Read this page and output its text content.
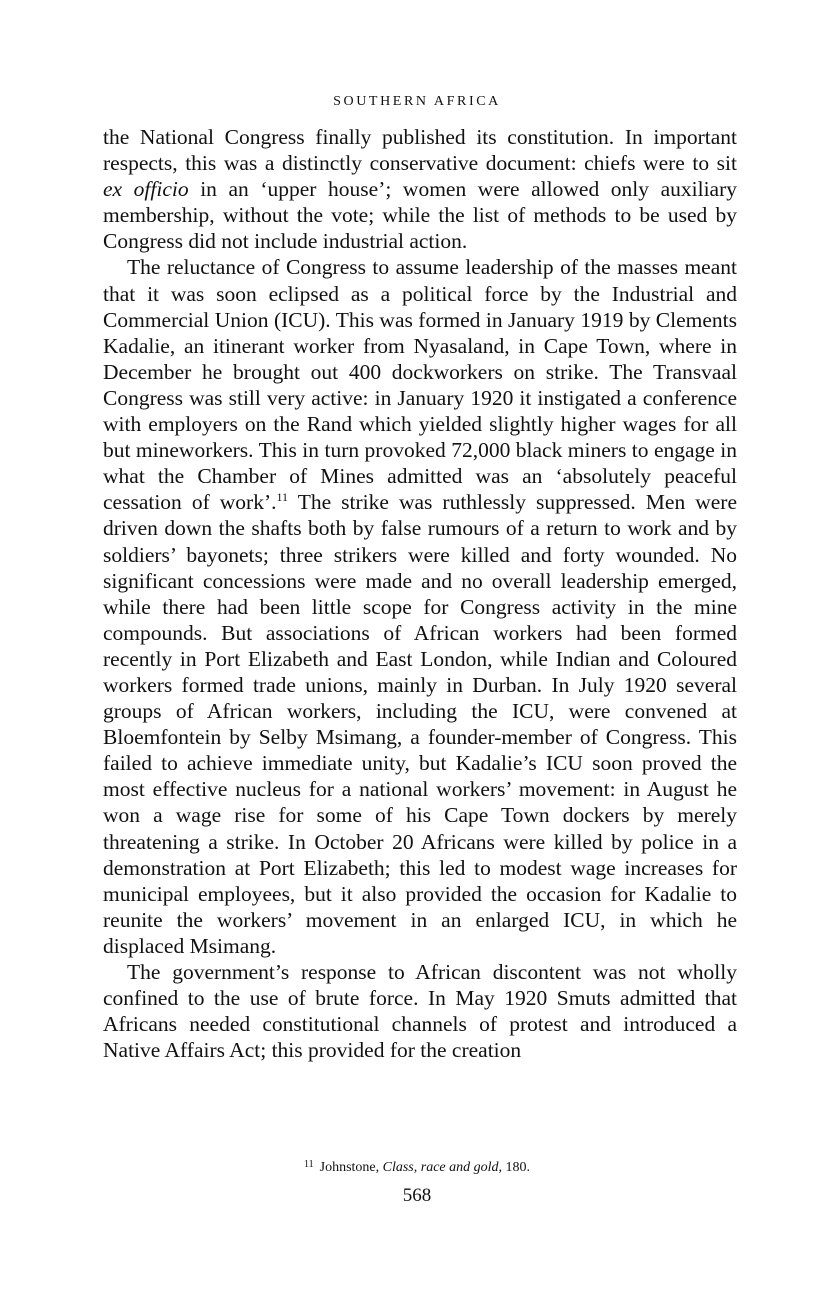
SOUTHERN AFRICA

the National Congress finally published its constitution. In important respects, this was a distinctly conservative document: chiefs were to sit ex officio in an ‘upper house’; women were allowed only auxiliary membership, without the vote; while the list of methods to be used by Congress did not include industrial action.

The reluctance of Congress to assume leadership of the masses meant that it was soon eclipsed as a political force by the Industrial and Commercial Union (ICU). This was formed in January 1919 by Clements Kadalie, an itinerant worker from Nyasaland, in Cape Town, where in December he brought out 400 dockworkers on strike. The Transvaal Congress was still very active: in January 1920 it instigated a conference with employers on the Rand which yielded slightly higher wages for all but mineworkers. This in turn provoked 72,000 black miners to engage in what the Chamber of Mines admitted was an ‘absolutely peaceful cessation of work’.$^{11}$ The strike was ruthlessly suppressed. Men were driven down the shafts both by false rumours of a return to work and by soldiers’ bayonets; three strikers were killed and forty wounded. No significant concessions were made and no overall leadership emerged, while there had been little scope for Congress activity in the mine compounds. But associations of African workers had been formed recently in Port Elizabeth and East London, while Indian and Coloured workers formed trade unions, mainly in Durban. In July 1920 several groups of African workers, including the ICU, were convened at Bloemfontein by Selby Msimang, a founder-member of Congress. This failed to achieve immediate unity, but Kadalie’s ICU soon proved the most effective nucleus for a national workers’ movement: in August he won a wage rise for some of his Cape Town dockers by merely threatening a strike. In October 20 Africans were killed by police in a demonstration at Port Elizabeth; this led to modest wage increases for municipal employees, but it also provided the occasion for Kadalie to reunite the workers’ movement in an enlarged ICU, in which he displaced Msimang.

The government’s response to African discontent was not wholly confined to the use of brute force. In May 1920 Smuts admitted that Africans needed constitutional channels of protest and introduced a Native Affairs Act; this provided for the creation

$^{11}$ Johnstone, Class, race and gold, 180.
568
